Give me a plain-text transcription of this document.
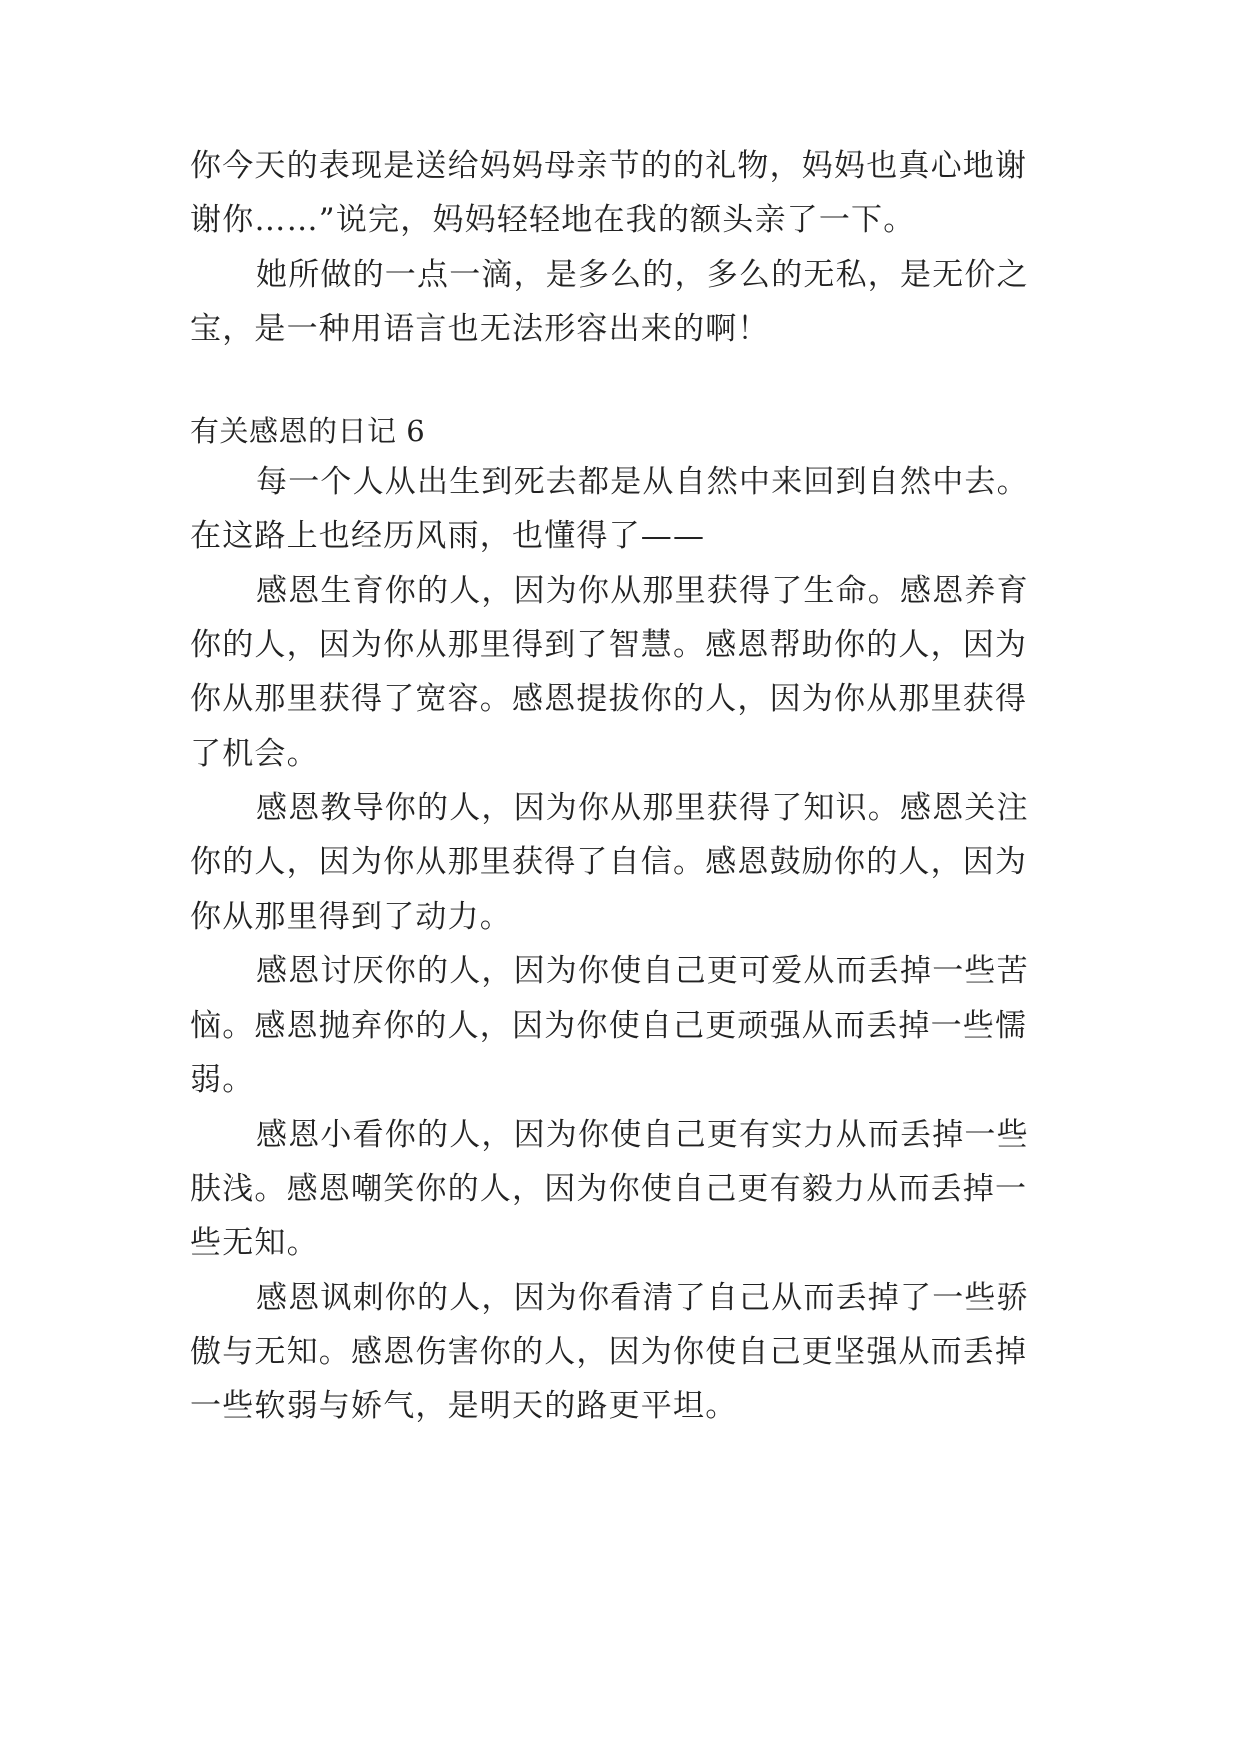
你今天的表现是送给妈妈母亲节的的礼物，妈妈也真心地谢
谢你……”说完，妈妈轻轻地在我的额头亲了一下。
她所做的一点一滴，是多么的，多么的无私，是无价之
宝，是一种用语言也无法形容出来的啊！
有关感恩的日记 6
每一个人从出生到死去都是从自然中来回到自然中去。
在这路上也经历风雨，也懂得了——
感恩生育你的人，因为你从那里获得了生命。感恩养育
你的人，因为你从那里得到了智慧。感恩帮助你的人，因为
你从那里获得了宽容。感恩提拔你的人，因为你从那里获得
了机会。
感恩教导你的人，因为你从那里获得了知识。感恩关注
你的人，因为你从那里获得了自信。感恩鼓励你的人，因为
你从那里得到了动力。
感恩讨厌你的人，因为你使自己更可爱从而丢掉一些苦
恼。感恩抛弃你的人，因为你使自己更顽强从而丢掉一些懦
弱。
感恩小看你的人，因为你使自己更有实力从而丢掉一些
肤浅。感恩嘲笑你的人，因为你使自己更有毅力从而丢掉一
些无知。
感恩讽刺你的人，因为你看清了自己从而丢掉了一些骄
傲与无知。感恩伤害你的人，因为你使自己更坚强从而丢掉
一些软弱与娇气，是明天的路更平坦。
